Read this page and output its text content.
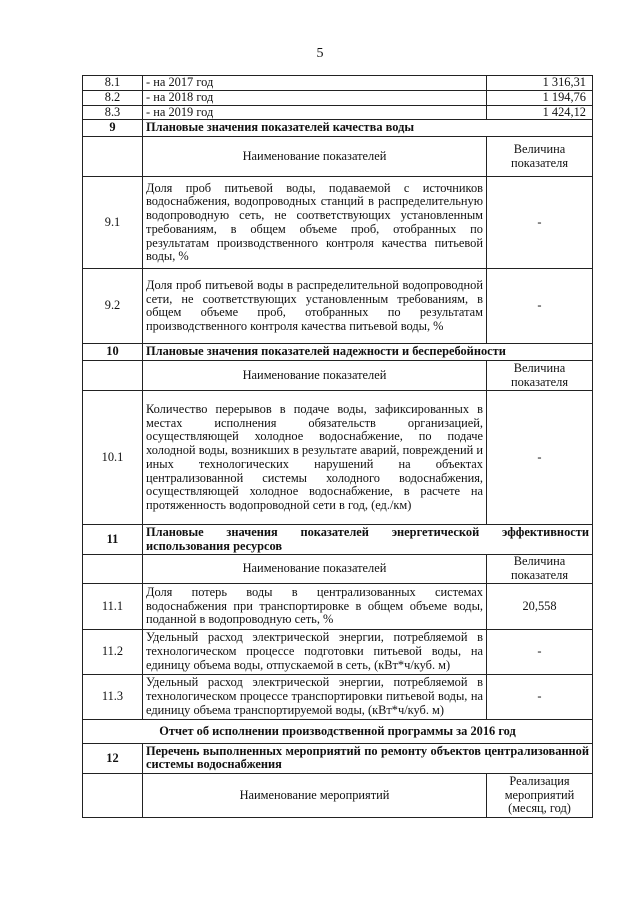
5
8.1	- на 2017 год	1 316,31
8.2	- на 2018 год	1 194,76
8.3	- на 2019 год	1 424,12
9	Плановые значения показателей качества воды	
	Наименование показателей	Величина показателя
9.1	Доля проб питьевой воды, подаваемой с источников водоснабжения, водопроводных станций в распределительную водопроводную сеть, не соответствующих установленным требованиям, в общем объеме проб, отобранных по результатам производственного контроля качества питьевой воды, %	-
9.2	Доля проб питьевой воды в распределительной водопроводной сети, не соответствующих установленным требованиям, в общем объеме проб, отобранных по результатам производственного контроля качества питьевой воды, %	-
10	Плановые значения показателей надежности и бесперебойности	
	Наименование показателей	Величина показателя
10.1	Количество перерывов в подаче воды, зафиксированных в местах исполнения обязательств организацией, осуществляющей холодное водоснабжение, по подаче холодной воды, возникших в результате аварий, повреждений и иных технологических нарушений на объектах централизованной системы холодного водоснабжения, осуществляющей холодное водоснабжение, в расчете на протяженность водопроводной сети в год, (ед./км)	-
11	Плановые значения показателей энергетической эффективности использования ресурсов	
	Наименование показателей	Величина показателя
11.1	Доля потерь воды в централизованных системах водоснабжения при транспортировке в общем объеме воды, поданной в водопроводную сеть, %	20,558
11.2	Удельный расход электрической энергии, потребляемой в технологическом процессе подготовки питьевой воды, на единицу объема воды, отпускаемой в сеть, (кВт*ч/куб. м)	-
11.3	Удельный расход электрической энергии, потребляемой в технологическом процессе транспортировки питьевой воды, на единицу объема транспортируемой воды, (кВт*ч/куб. м)	-
Отчет об исполнении производственной программы за 2016 год		
12	Перечень выполненных мероприятий по ремонту объектов централизованной системы водоснабжения	
	Наименование мероприятий	Реализация мероприятий (месяц, год)
